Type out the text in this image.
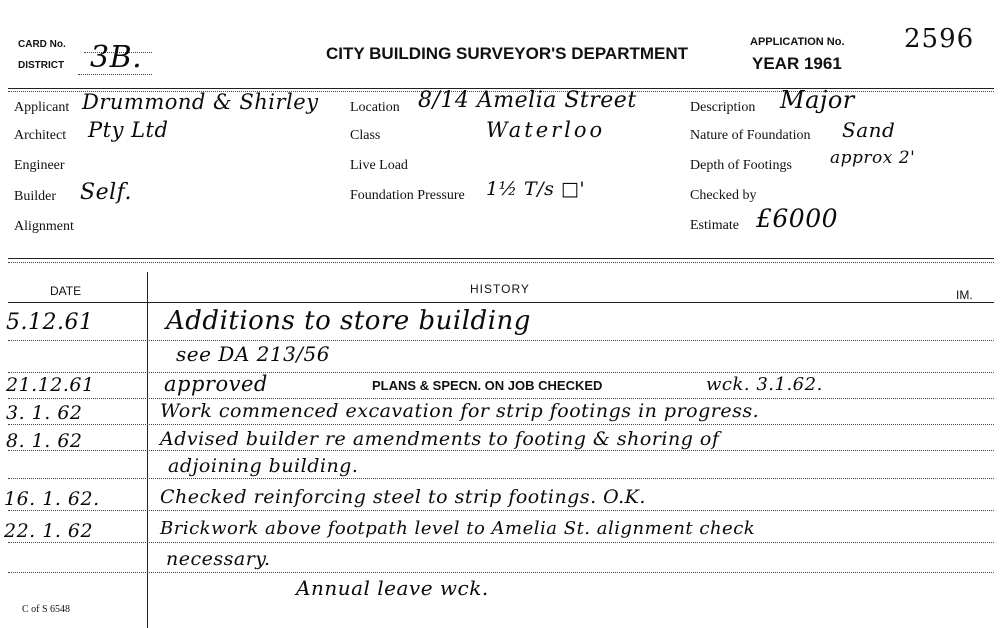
CARD No.
DISTRICT 3B.	CITY BUILDING SURVEYOR'S DEPARTMENT
APPLICATION No. 2596
YEAR 1961
Applicant Drummond & Shirley
Architect Pty Ltd
Engineer
Builder Self.
Alignment
Location 8/14 Amelia Street
Class	Waterloo
Live Load
Foundation Pressure 1½ T/s □'
Description Major
Nature of Foundation Sand
Depth of Footings approx 2'
Checked by
Estimate £6000
DATE	HISTORY	IM.
5.12.61	Additions to store building
see DA 213/56
21.12.61	approved	PLANS & SPECN. ON JOB CHECKED	wck. 3.1.62.
3. 1. 62	Work commenced excavation for strip footings in progress.
8. 1. 62	Advised builder re amendments to footing & shoring of
adjoining building.
16. 1. 62.	Checked reinforcing steel to strip footings. O.K.
22. 1. 62	Brickwork above footpath level to Amelia St. alignment check
necessary.
Annual leave wck.
C of S 6548
